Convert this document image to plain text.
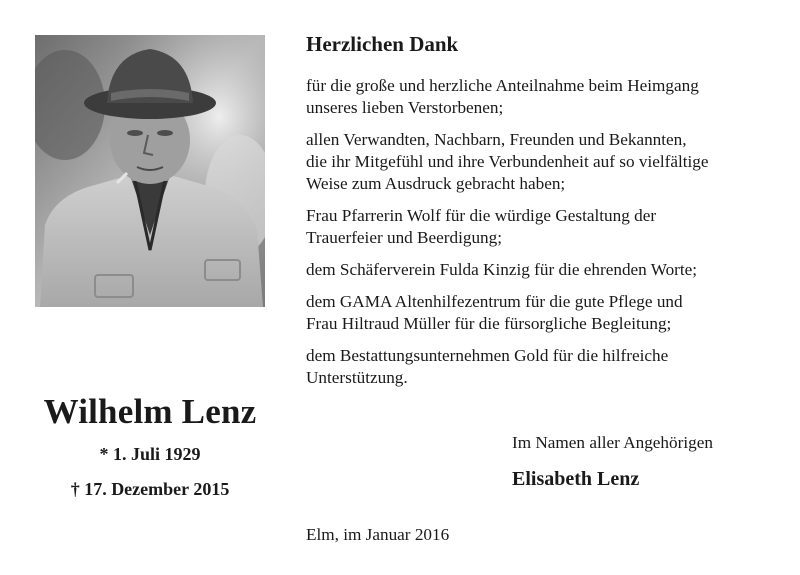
Wilhelm Lenz
* 1. Juli 1929
† 17. Dezember 2015
Herzlichen Dank

für die große und herzliche Anteilnahme beim Heimgang
unseres lieben Verstorbenen;

allen Verwandten, Nachbarn, Freunden und Bekannten,
die ihr Mitgefühl und ihre Verbundenheit auf so vielfältige
Weise zum Ausdruck gebracht haben;

Frau Pfarrerin Wolf für die würdige Gestaltung der
Trauerfeier und Beerdigung;

dem Schäferverein Fulda Kinzig für die ehrenden Worte;

dem GAMA Altenhilfezentrum für die gute Pflege und
Frau Hiltraud Müller für die fürsorgliche Begleitung;

dem Bestattungsunternehmen Gold für die hilfreiche
Unterstützung.

Im Namen aller Angehörigen
Elisabeth Lenz
Elm, im Januar 2016
